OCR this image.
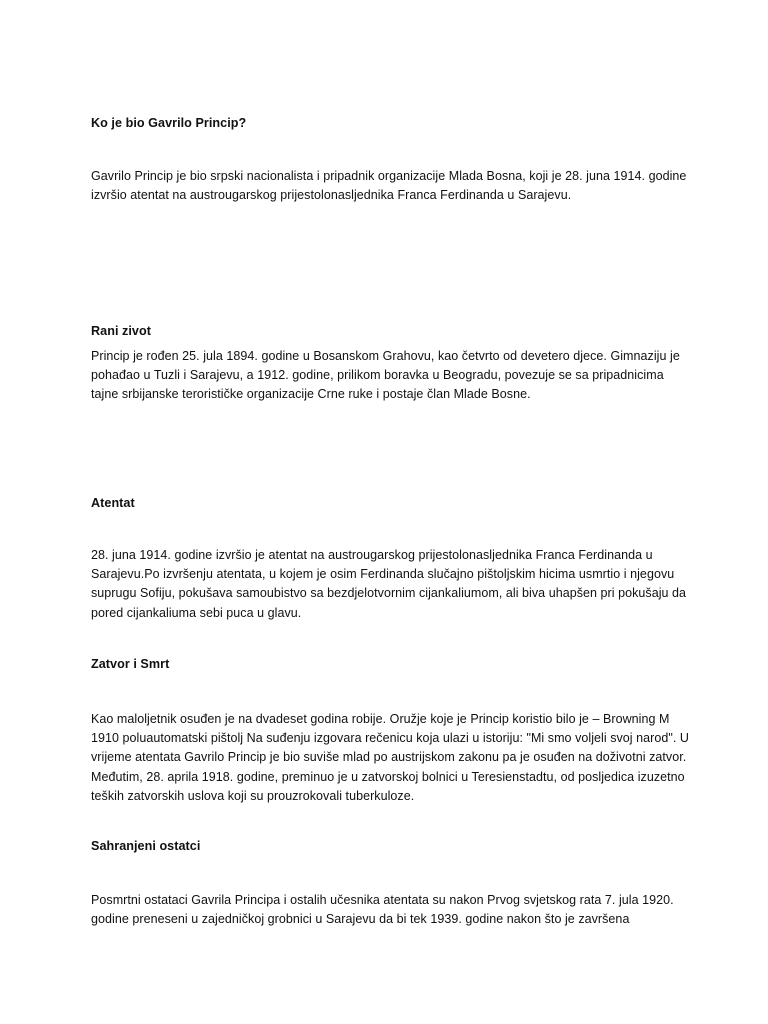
Ko je bio Gavrilo Princip?

Gavrilo Princip je bio srpski nacionalista i pripadnik organizacije Mlada Bosna, koji je 28. juna 1914. godine izvršio atentat na austrougarskog prijestolonasljednika Franca Ferdinanda u Sarajevu.

Rani zivot

Princip je rođen 25. jula 1894. godine u Bosanskom Grahovu, kao četvrto od devetero djece. Gimnaziju je pohađao u Tuzli i Sarajevu, a 1912. godine, prilikom boravka u Beogradu, povezuje se sa pripadnicima tajne srbijanske terorističke organizacije Crne ruke i postaje član Mlade Bosne.

Atentat

28. juna 1914. godine izvršio je atentat na austrougarskog prijestolonasljednika Franca Ferdinanda u Sarajevu.Po izvršenju atentata, u kojem je osim Ferdinanda slučajno pištoljskim hicima usmrtio i njegovu suprugu Sofiju, pokušava samoubistvo sa bezdjelotvornim cijankaliumom, ali biva uhapšen pri pokušaju da pored cijankaliuma sebi puca u glavu.

Zatvor i Smrt

Kao maloljetnik osuđen je na dvadeset godina robije. Oružje koje je Princip koristio bilo je – Browning M 1910 poluautomatski pištolj Na suđenju izgovara rečenicu koja ulazi u istoriju: "Mi smo voljeli svoj narod". U vrijeme atentata Gavrilo Princip je bio suviše mlad po austrijskom zakonu pa je osuđen na doživotni zatvor. Međutim, 28. aprila 1918. godine, preminuo je u zatvorskoj bolnici u Teresienstadtu, od posljedica izuzetno teških zatvorskih uslova koji su prouzrokovali tuberkuloze.

Sahranjeni ostatci

Posmrtni ostataci Gavrila Principa i ostalih učesnika atentata su nakon Prvog svjetskog rata 7. jula 1920. godine preneseni u zajedničkoj grobnici u Sarajevu da bi tek 1939. godine nakon što je završena
